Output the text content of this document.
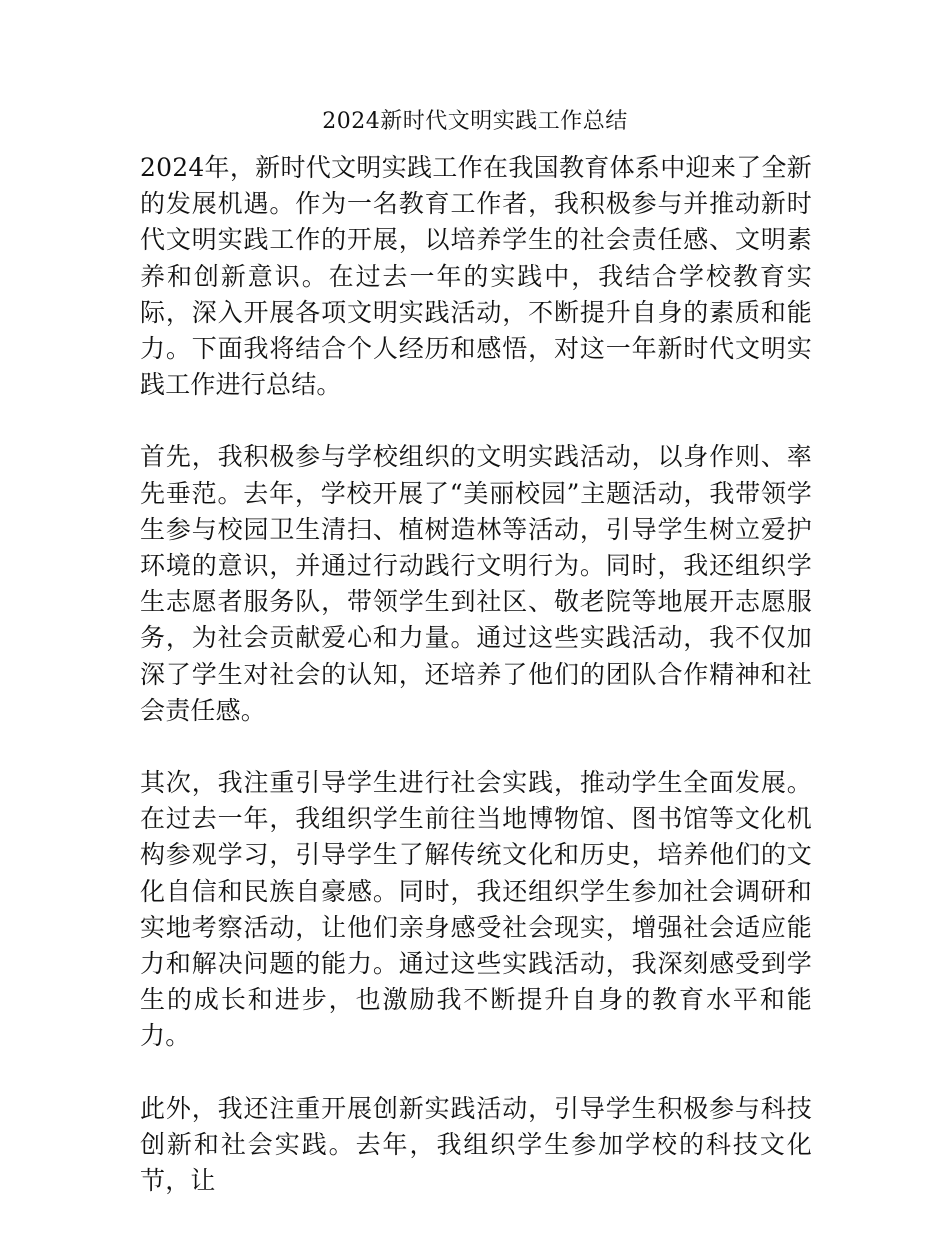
2024新时代文明实践工作总结

2024年，新时代文明实践工作在我国教育体系中迎来了全新的发展机遇。作为一名教育工作者，我积极参与并推动新时代文明实践工作的开展，以培养学生的社会责任感、文明素养和创新意识。在过去一年的实践中，我结合学校教育实际，深入开展各项文明实践活动，不断提升自身的素质和能力。下面我将结合个人经历和感悟，对这一年新时代文明实践工作进行总结。

首先，我积极参与学校组织的文明实践活动，以身作则、率先垂范。去年，学校开展了“美丽校园”主题活动，我带领学生参与校园卫生清扫、植树造林等活动，引导学生树立爱护环境的意识，并通过行动践行文明行为。同时，我还组织学生志愿者服务队，带领学生到社区、敬老院等地展开志愿服务，为社会贡献爱心和力量。通过这些实践活动，我不仅加深了学生对社会的认知，还培养了他们的团队合作精神和社会责任感。

其次，我注重引导学生进行社会实践，推动学生全面发展。在过去一年，我组织学生前往当地博物馆、图书馆等文化机构参观学习，引导学生了解传统文化和历史，培养他们的文化自信和民族自豪感。同时，我还组织学生参加社会调研和实地考察活动，让他们亲身感受社会现实，增强社会适应能力和解决问题的能力。通过这些实践活动，我深刻感受到学生的成长和进步，也激励我不断提升自身的教育水平和能力。

此外，我还注重开展创新实践活动，引导学生积极参与科技创新和社会实践。去年，我组织学生参加学校的科技文化节，让
